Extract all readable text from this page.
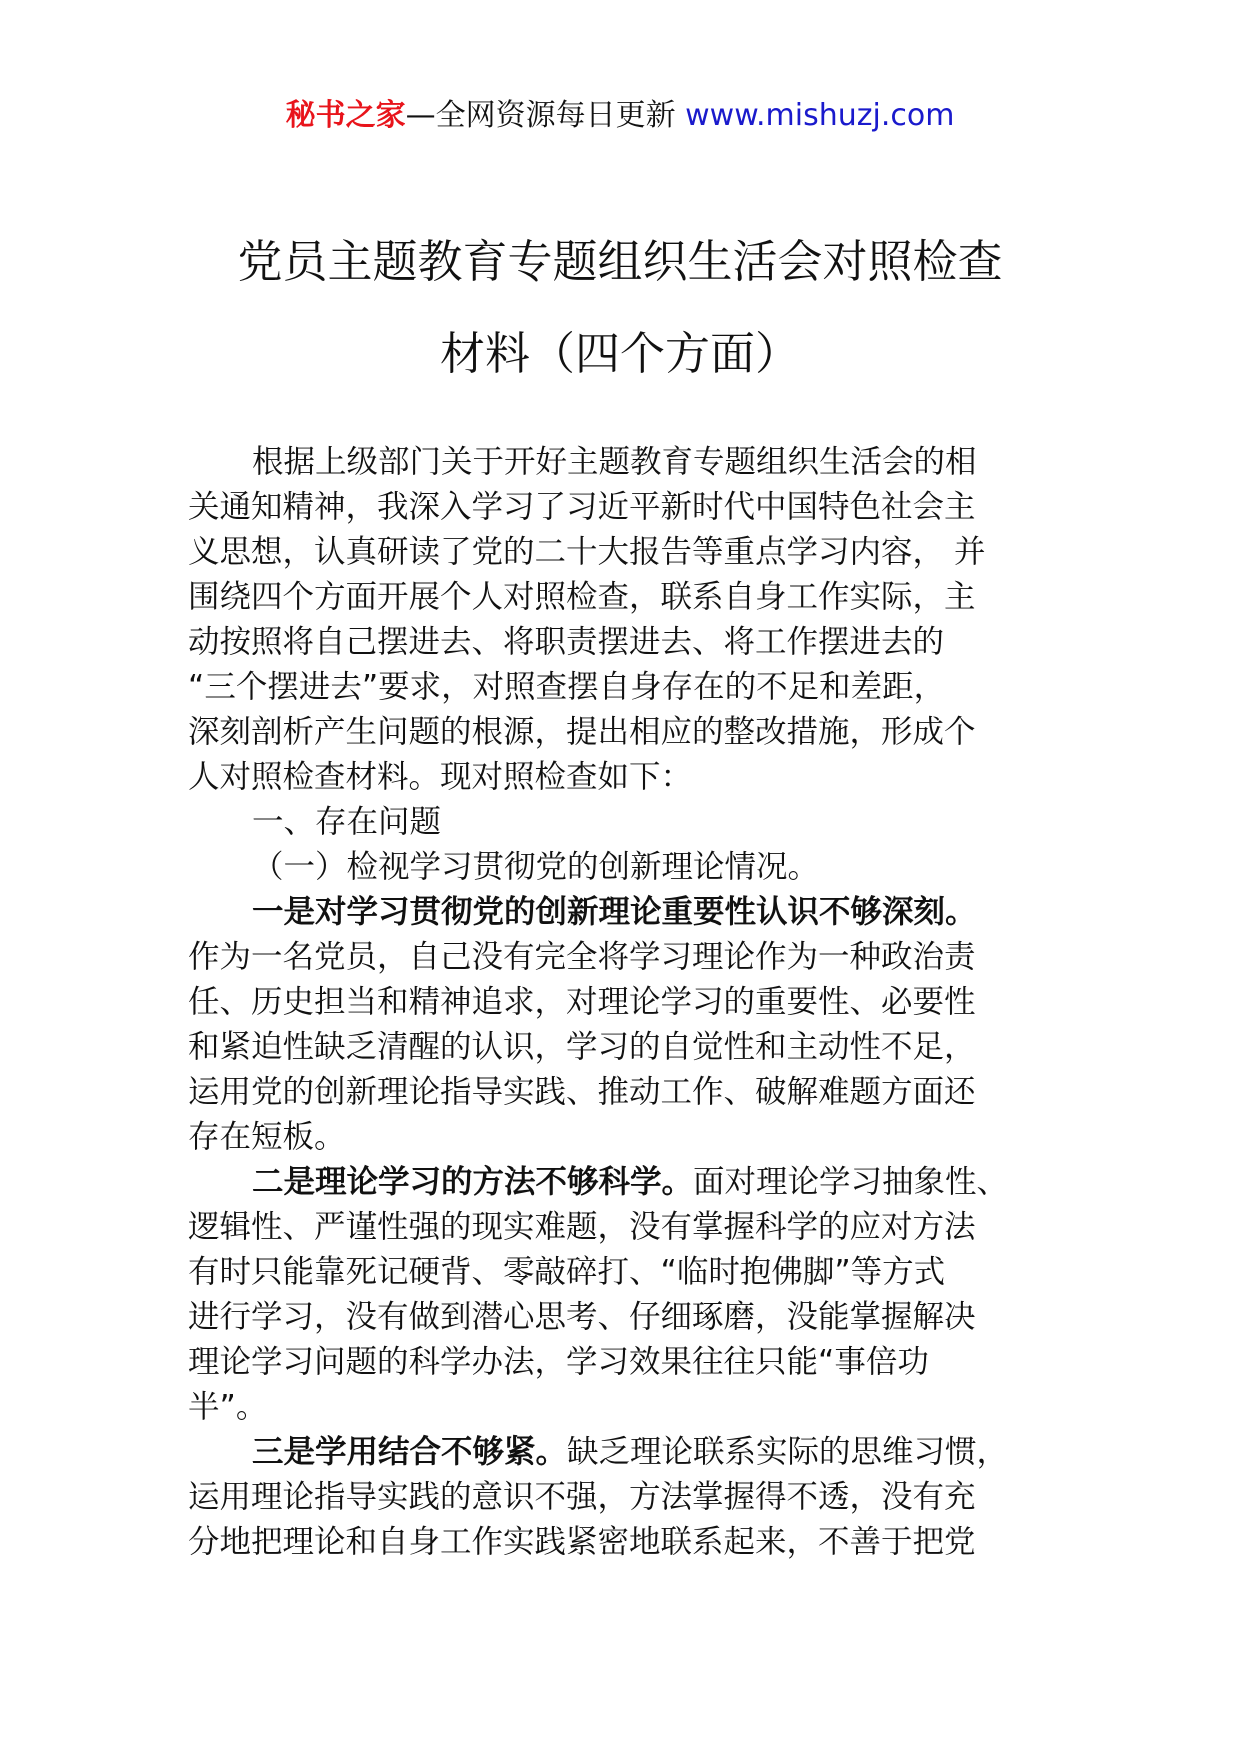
秘书之家—全网资源每日更新 www.mishuzj.com
党员主题教育专题组织生活会对照检查
材料（四个方面）
根据上级部门关于开好主题教育专题组织生活会的相
关通知精神，我深入学习了习近平新时代中国特色社会主
义思想，认真研读了党的二十大报告等重点学习内容， 并
围绕四个方面开展个人对照检查，联系自身工作实际，主
动按照将自己摆进去、将职责摆进去、将工作摆进去的
“三个摆进去”要求，对照查摆自身存在的不足和差距，
深刻剖析产生问题的根源，提出相应的整改措施，形成个
人对照检查材料。现对照检查如下：
一、存在问题
（一）检视学习贯彻党的创新理论情况。
一是对学习贯彻党的创新理论重要性认识不够深刻。
作为一名党员，自己没有完全将学习理论作为一种政治责
任、历史担当和精神追求，对理论学习的重要性、必要性
和紧迫性缺乏清醒的认识，学习的自觉性和主动性不足，
运用党的创新理论指导实践、推动工作、破解难题方面还
存在短板。
二是理论学习的方法不够科学。面对理论学习抽象性、
逻辑性、严谨性强的现实难题，没有掌握科学的应对方法
有时只能靠死记硬背、零敲碎打、“临时抱佛脚”等方式
进行学习，没有做到潜心思考、仔细琢磨，没能掌握解决
理论学习问题的科学办法，学习效果往往只能“事倍功
半”。
三是学用结合不够紧。缺乏理论联系实际的思维习惯，
运用理论指导实践的意识不强，方法掌握得不透，没有充
分地把理论和自身工作实践紧密地联系起来，不善于把党
